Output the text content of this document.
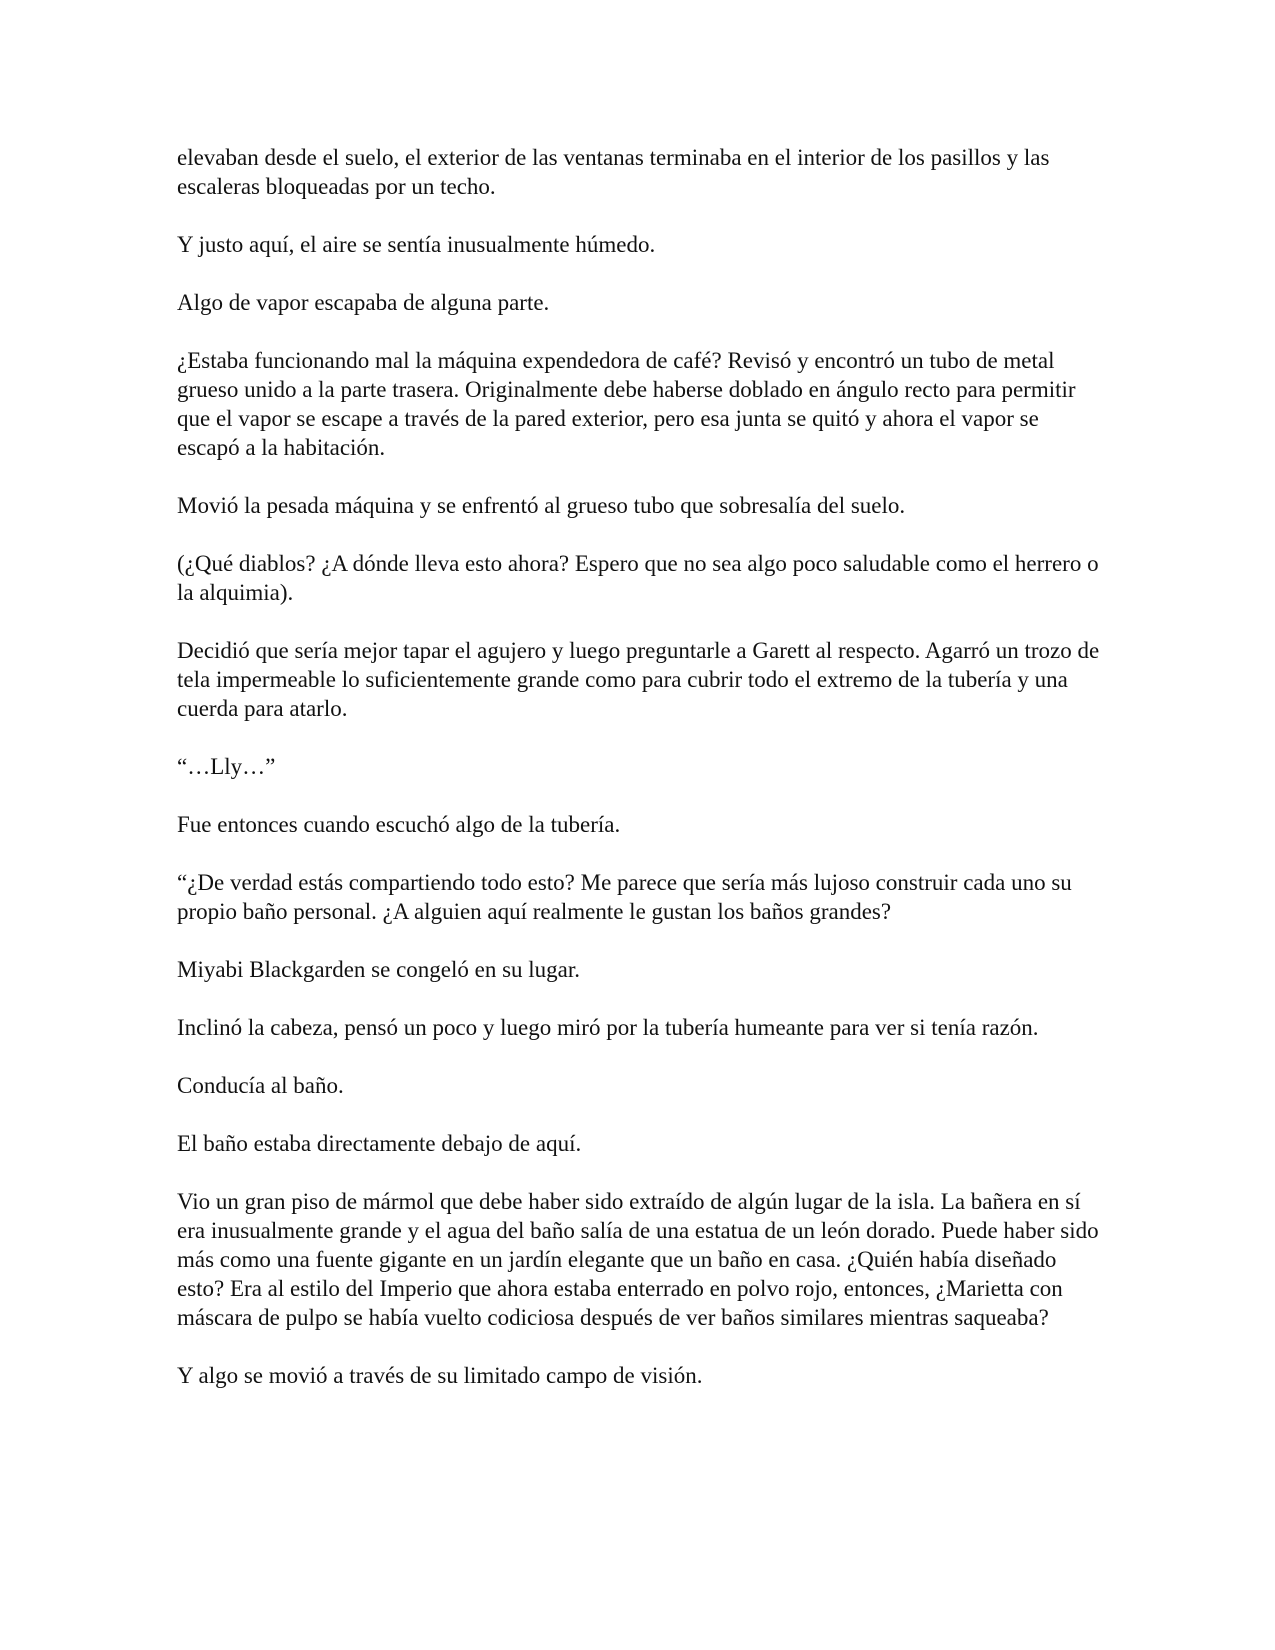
elevaban desde el suelo, el exterior de las ventanas terminaba en el interior de los pasillos y las escaleras bloqueadas por un techo.

Y justo aquí, el aire se sentía inusualmente húmedo.

Algo de vapor escapaba de alguna parte.

¿Estaba funcionando mal la máquina expendedora de café? Revisó y encontró un tubo de metal grueso unido a la parte trasera. Originalmente debe haberse doblado en ángulo recto para permitir que el vapor se escape a través de la pared exterior, pero esa junta se quitó y ahora el vapor se escapó a la habitación.

Movió la pesada máquina y se enfrentó al grueso tubo que sobresalía del suelo.

(¿Qué diablos? ¿A dónde lleva esto ahora? Espero que no sea algo poco saludable como el herrero o la alquimia).

Decidió que sería mejor tapar el agujero y luego preguntarle a Garett al respecto. Agarró un trozo de tela impermeable lo suficientemente grande como para cubrir todo el extremo de la tubería y una cuerda para atarlo.

“…Lly…”

Fue entonces cuando escuchó algo de la tubería.

“¿De verdad estás compartiendo todo esto? Me parece que sería más lujoso construir cada uno su propio baño personal. ¿A alguien aquí realmente le gustan los baños grandes?

Miyabi Blackgarden se congeló en su lugar.

Inclinó la cabeza, pensó un poco y luego miró por la tubería humeante para ver si tenía razón.

Conducía al baño.

El baño estaba directamente debajo de aquí.

Vio un gran piso de mármol que debe haber sido extraído de algún lugar de la isla. La bañera en sí era inusualmente grande y el agua del baño salía de una estatua de un león dorado. Puede haber sido más como una fuente gigante en un jardín elegante que un baño en casa. ¿Quién había diseñado esto? Era al estilo del Imperio que ahora estaba enterrado en polvo rojo, entonces, ¿Marietta con máscara de pulpo se había vuelto codiciosa después de ver baños similares mientras saqueaba?

Y algo se movió a través de su limitado campo de visión.
